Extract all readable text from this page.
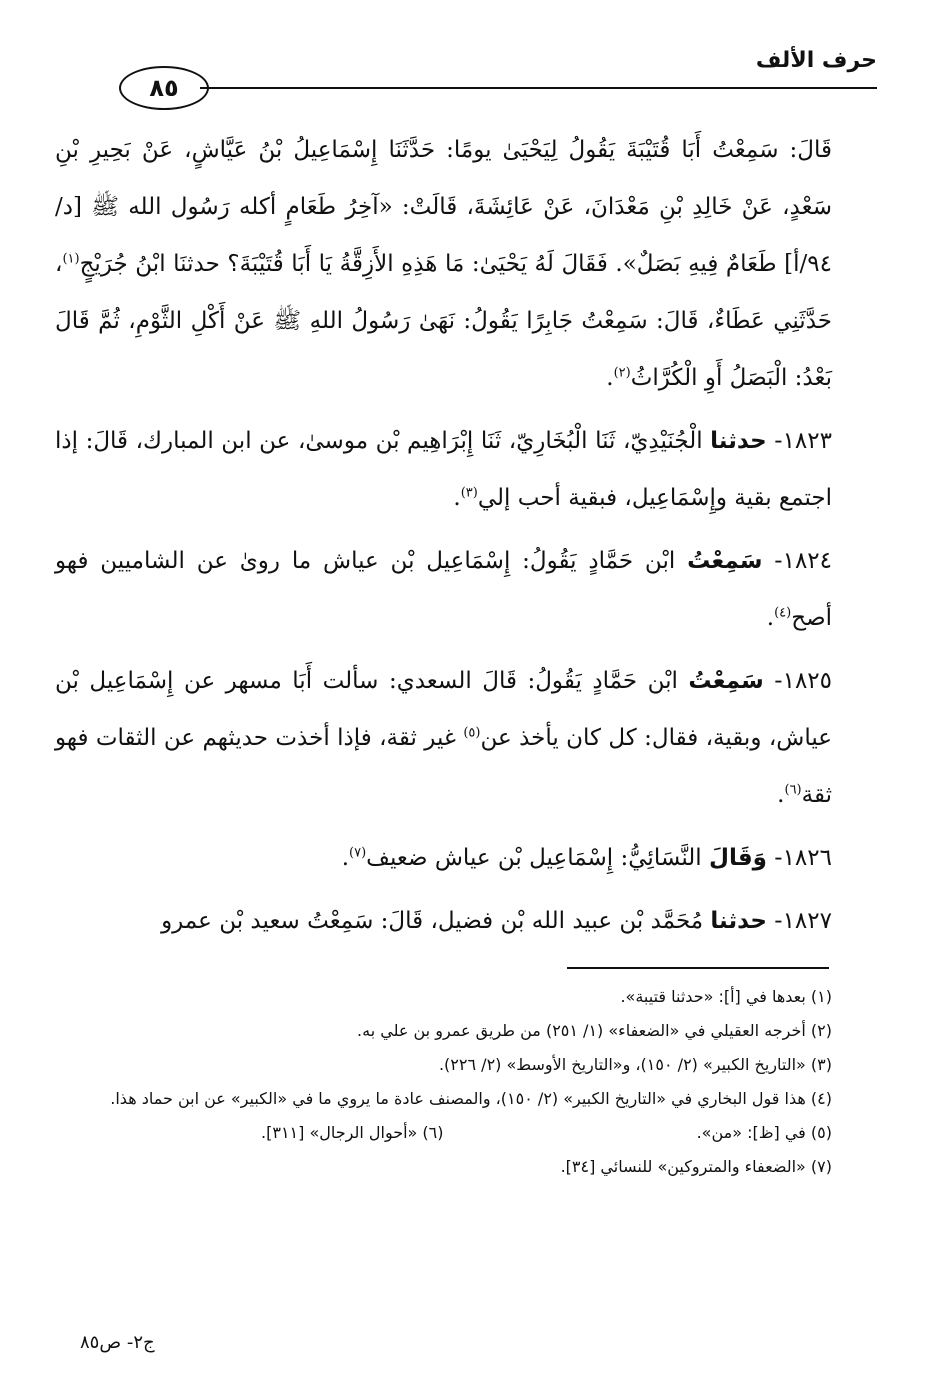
حرف الألف
٨٥

قَالَ: سَمِعْتُ أَبَا قُتَيْبَةَ يَقُولُ لِيَحْيَىٰ يومًا: حَدَّثَنَا إِسْمَاعِيلُ بْنُ عَيَّاشٍ، عَنْ بَحِيرِ بْنِ سَعْدٍ، عَنْ خَالِدِ بْنِ مَعْدَانَ، عَنْ عَائِشَةَ، قَالَتْ: «آخِرُ طَعَامٍ أكله رَسُول الله ﷺ [د/٩٤/أ] طَعَامٌ فِيهِ بَصَلٌ». فَقَالَ لَهُ يَحْيَىٰ: مَا هَذِهِ الأَزِقَّةُ يَا أَبَا قُتَيْبَةَ؟ حدثنَا ابْنُ جُرَيْجٍ$^{(١)}$، حَدَّثَنِي عَطَاءٌ، قَالَ: سَمِعْتُ جَابِرًا يَقُولُ: نَهَىٰ رَسُولُ اللهِ ﷺ عَنْ أَكْلِ الثَّوْمِ، ثُمَّ قَالَ بَعْدُ: الْبَصَلُ أَوِ الْكُرَّاثُ$^{(٢)}$.

١٨٢٣- حدثنا الْجُنَيْدِيّ، ثَنَا الْبُخَارِيّ، ثَنَا إِبْرَاهِيم بْن موسىٰ، عن ابن المبارك، قَالَ: إذا اجتمع بقية وإِسْمَاعِيل، فبقية أحب إلي$^{(٣)}$.

١٨٢٤- سَمِعْتُ ابْن حَمَّادٍ يَقُولُ: إِسْمَاعِيل بْن عياش ما روىٰ عن الشاميين فهو أصح$^{(٤)}$.

١٨٢٥- سَمِعْتُ ابْن حَمَّادٍ يَقُولُ: قَالَ السعدي: سألت أَبَا مسهر عن إِسْمَاعِيل بْن عياش، وبقية، فقال: كل كان يأخذ عن$^{(٥)}$ غير ثقة، فإذا أخذت حديثهم عن الثقات فهو ثقة$^{(٦)}$.

١٨٢٦- وَقَالَ النَّسَائِيُّ: إِسْمَاعِيل بْن عياش ضعيف$^{(٧)}$.

١٨٢٧- حدثنا مُحَمَّد بْن عبيد الله بْن فضيل، قَالَ: سَمِعْتُ سعيد بْن عمرو

(١) بعدها في [أ]: «حدثنا قتيبة».

(٢) أخرجه العقيلي في «الضعفاء» (١/ ٢٥١) من طريق عمرو بن علي به.

(٣) «التاريخ الكبير» (٢/ ١٥٠)، و«التاريخ الأوسط» (٢/ ٢٢٦).

(٤) هذا قول البخاري في «التاريخ الكبير» (٢/ ١٥٠)، والمصنف عادة ما يروي ما في «الكبير» عن ابن حماد هذا.

(٥) في [ظ]: «من».

(٦) «أحوال الرجال» [٣١١].

(٧) «الضعفاء والمتروكين» للنسائي [٣٤].

ج٢- ص٨٥
